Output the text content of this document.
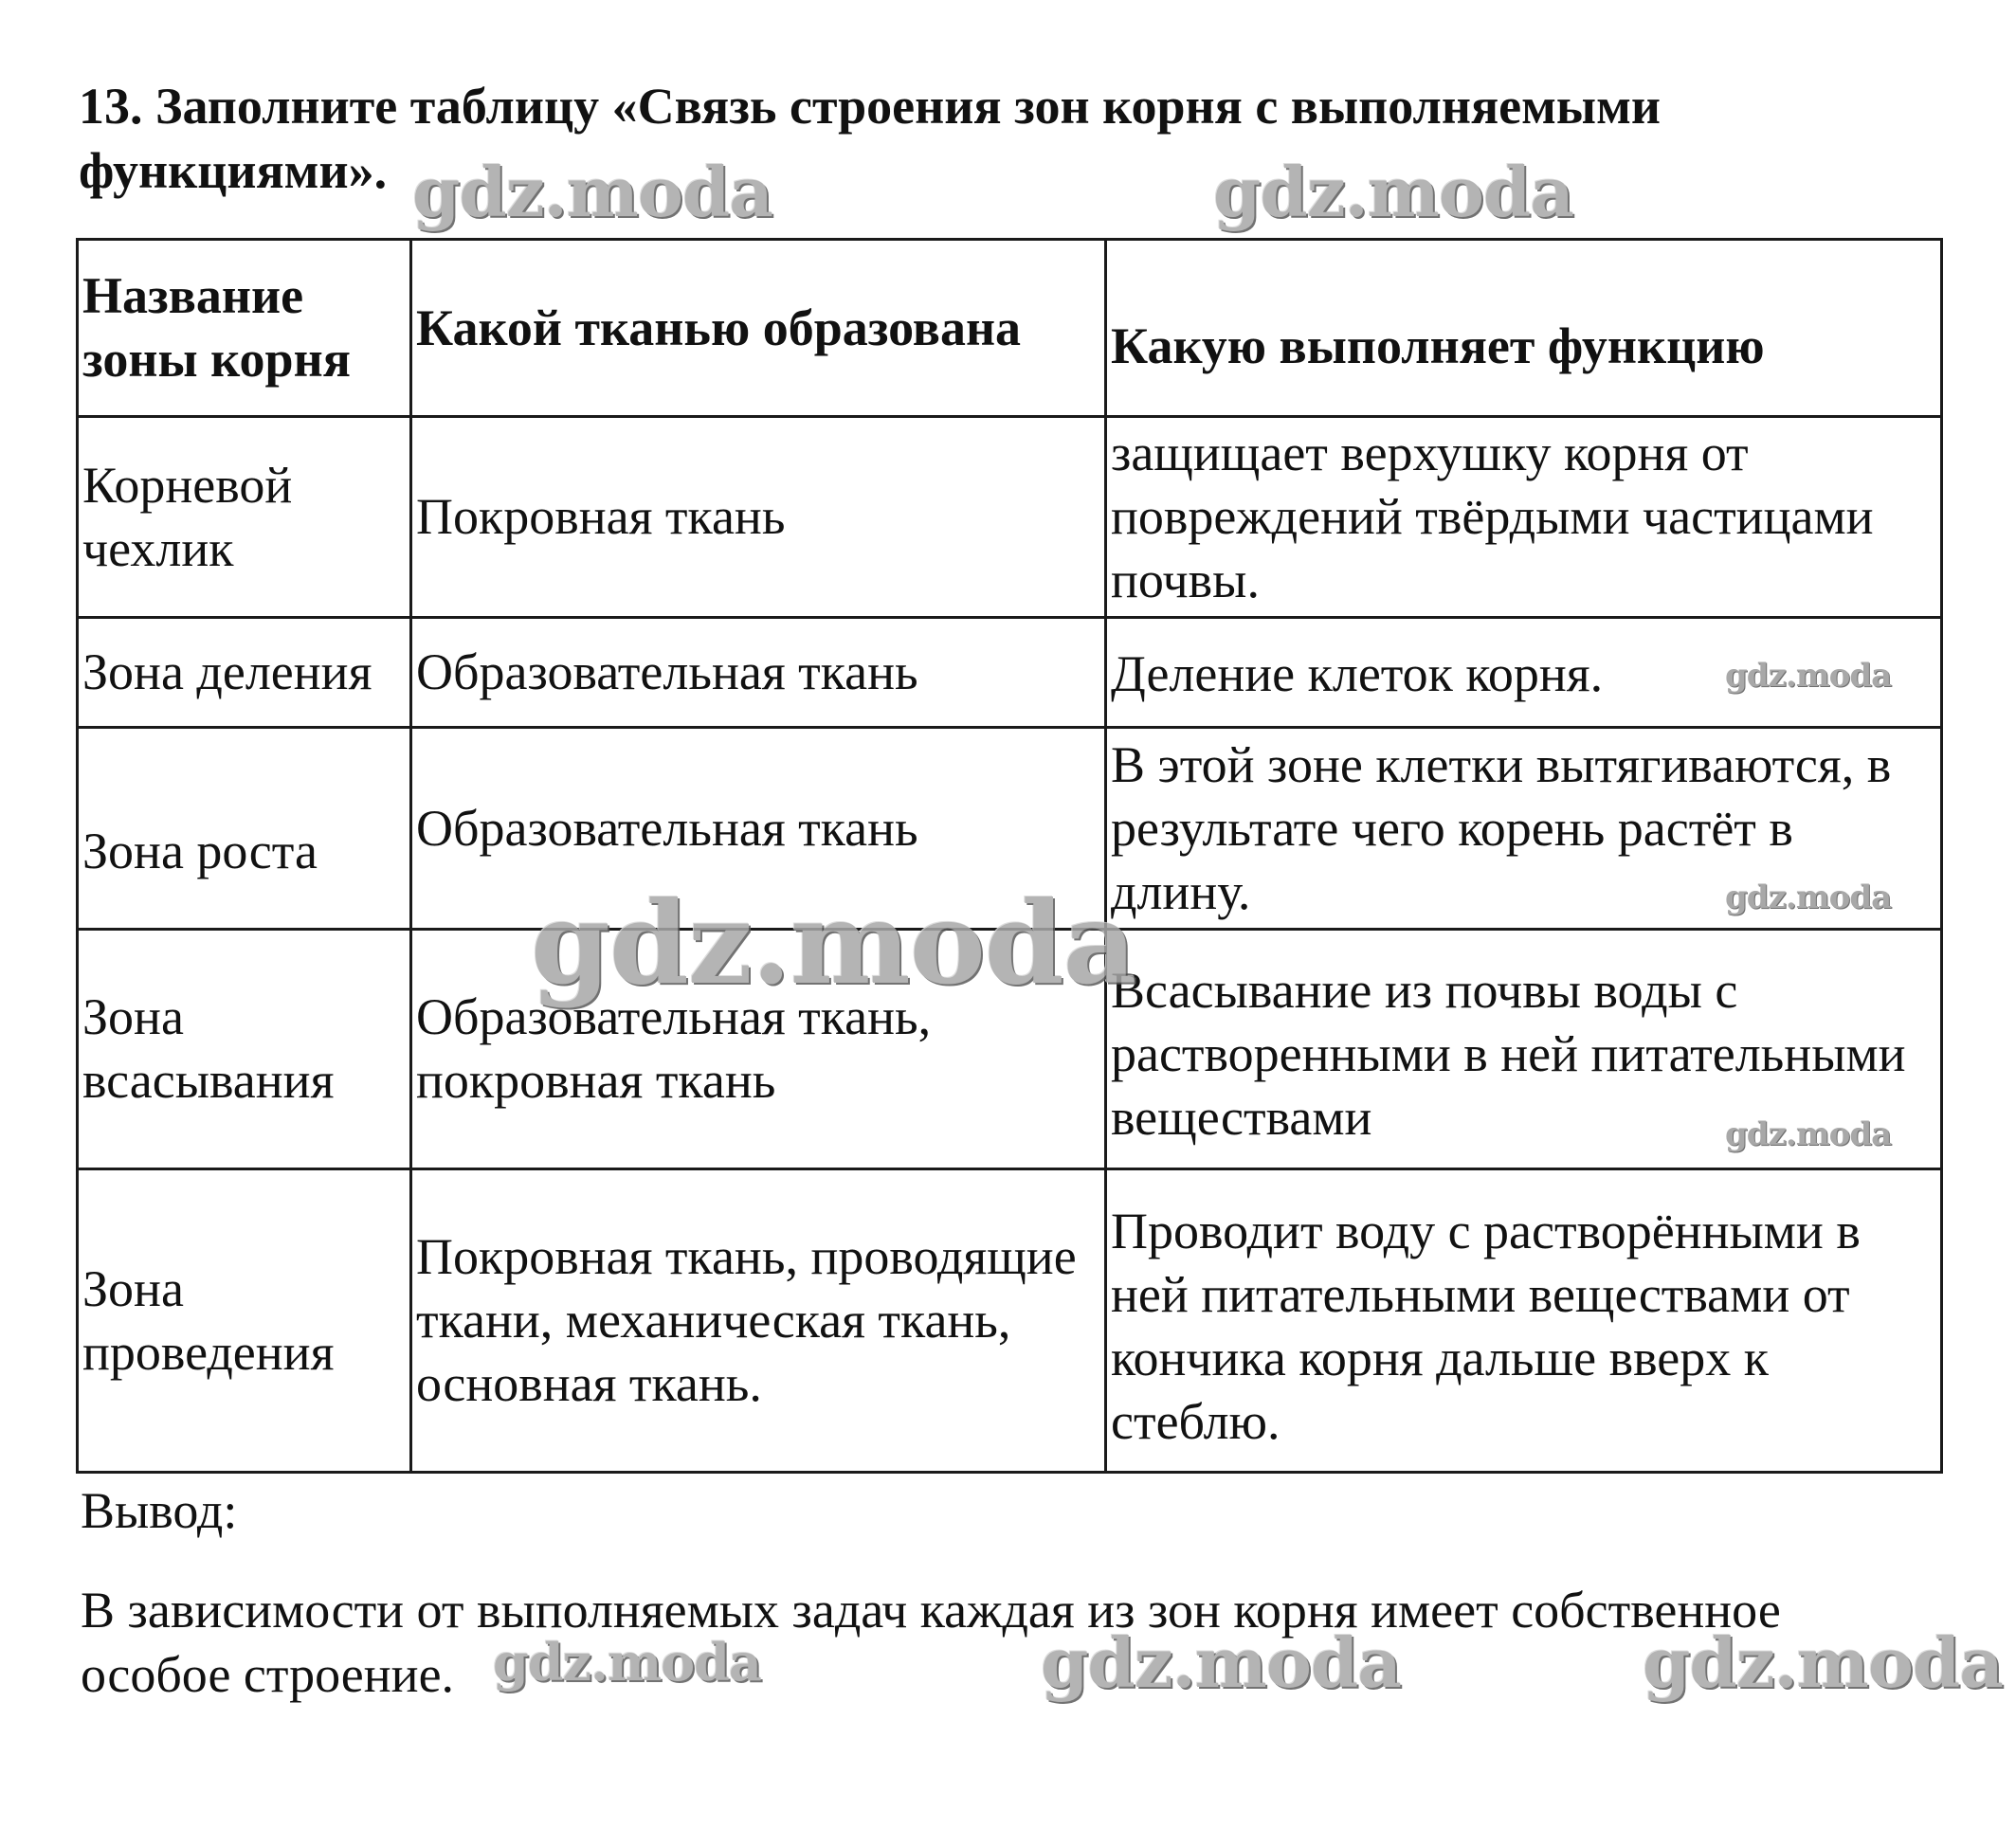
13. Заполните таблицу «Связь строения зон корня с выполняемыми функциями».

Название зоны корня	Какой тканью образована	Какую выполняет функцию
Корневой чехлик	Покровная ткань	защищает верхушку корня от повреждений твёрдыми частицами почвы.
Зона деления	Образовательная ткань	Деление клеток корня.
Зона роста	Образовательная ткань	В этой зоне клетки вытягиваются, в результате чего корень растёт в длину.
Зона всасывания	Образовательная ткань, покровная ткань	Всасывание из почвы воды с растворенными в ней питательными веществами
Зона проведения	Покровная ткань, проводящие ткани, механическая ткань, основная ткань.	Проводит воду с растворёнными в ней питательными веществами от кончика корня дальше вверх к стеблю.
Вывод:
В зависимости от выполняемых задач каждая из зон корня имеет собственное особое строение.
gdz.moda	gdz.moda
gdz.moda
gdz.moda
gdz.moda
gdz.moda
gdz.moda	gdz.moda	gdz.moda
